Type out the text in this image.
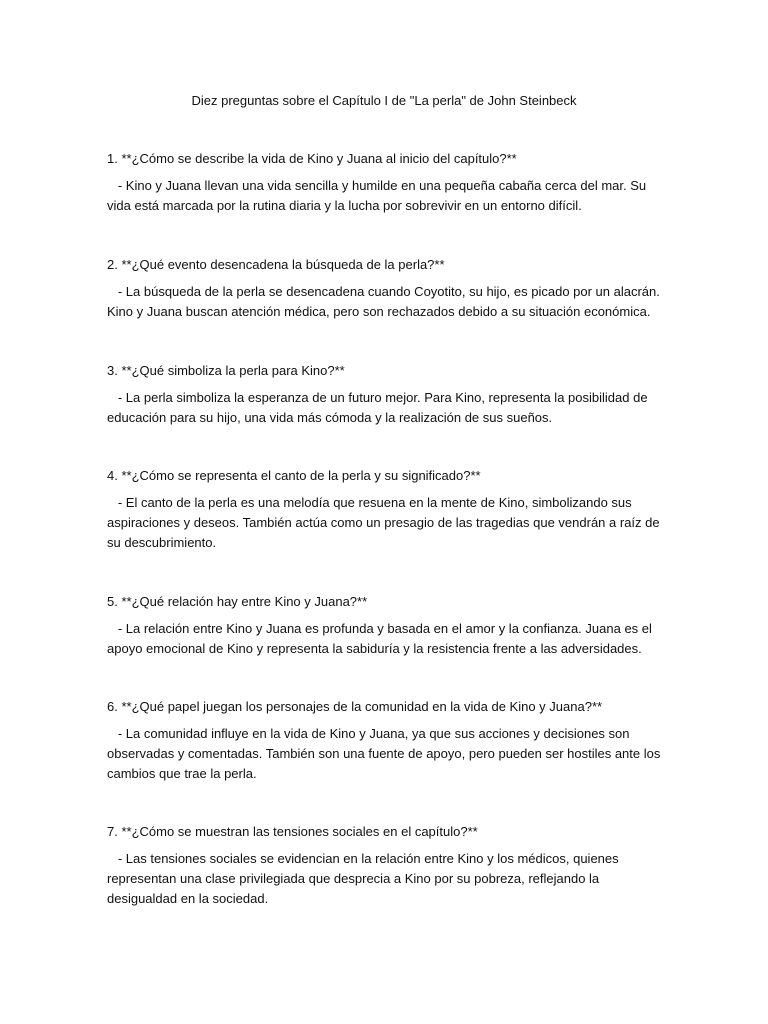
Diez preguntas sobre el Capítulo I de "La perla" de John Steinbeck

1. **¿Cómo se describe la vida de Kino y Juana al inicio del capítulo?**

- Kino y Juana llevan una vida sencilla y humilde en una pequeña cabaña cerca del mar. Su vida está marcada por la rutina diaria y la lucha por sobrevivir en un entorno difícil.

2. **¿Qué evento desencadena la búsqueda de la perla?**

- La búsqueda de la perla se desencadena cuando Coyotito, su hijo, es picado por un alacrán. Kino y Juana buscan atención médica, pero son rechazados debido a su situación económica.

3. **¿Qué simboliza la perla para Kino?**

- La perla simboliza la esperanza de un futuro mejor. Para Kino, representa la posibilidad de educación para su hijo, una vida más cómoda y la realización de sus sueños.

4. **¿Cómo se representa el canto de la perla y su significado?**

- El canto de la perla es una melodía que resuena en la mente de Kino, simbolizando sus aspiraciones y deseos. También actúa como un presagio de las tragedias que vendrán a raíz de su descubrimiento.

5. **¿Qué relación hay entre Kino y Juana?**

- La relación entre Kino y Juana es profunda y basada en el amor y la confianza. Juana es el apoyo emocional de Kino y representa la sabiduría y la resistencia frente a las adversidades.

6. **¿Qué papel juegan los personajes de la comunidad en la vida de Kino y Juana?**

- La comunidad influye en la vida de Kino y Juana, ya que sus acciones y decisiones son observadas y comentadas. También son una fuente de apoyo, pero pueden ser hostiles ante los cambios que trae la perla.

7. **¿Cómo se muestran las tensiones sociales en el capítulo?**

- Las tensiones sociales se evidencian en la relación entre Kino y los médicos, quienes representan una clase privilegiada que desprecia a Kino por su pobreza, reflejando la desigualdad en la sociedad.
